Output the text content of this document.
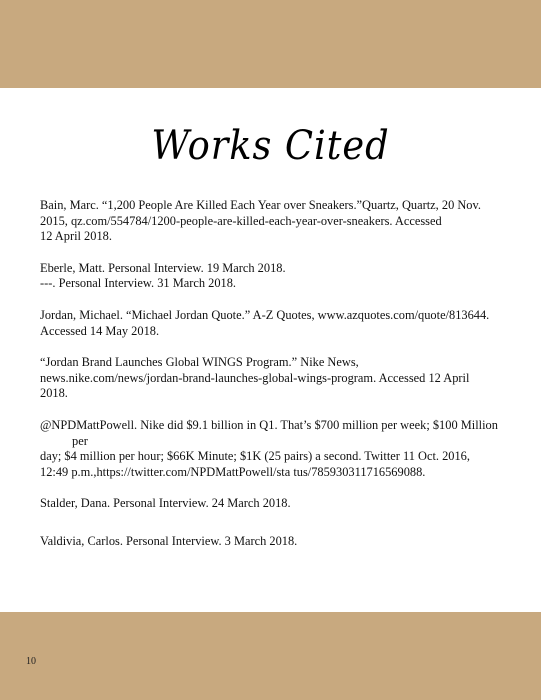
Works Cited
Bain, Marc. “1,200 People Are Killed Each Year over Sneakers.”Quartz, Quartz, 20 Nov.
2015, qz.com/554784/1200-people-are-killed-each-year-over-sneakers. Accessed
12 April 2018.
Eberle, Matt. Personal Interview. 19 March 2018.
---. Personal Interview. 31 March 2018.
Jordan, Michael. “Michael Jordan Quote.” A-Z Quotes, www.azquotes.com/quote/813644.
Accessed 14 May 2018.
“Jordan Brand Launches Global WINGS Program.” Nike News,
news.nike.com/news/jordan-brand-launches-global-wings-program. Accessed 12 April
2018.
@NPDMattPowell. Nike did $9.1 billion in Q1. That’s $700 million per week; $100 Million per
day; $4 million per hour; $66K Minute; $1K (25 pairs) a second. Twitter 11 Oct. 2016,
12:49 p.m.,https://twitter.com/NPDMattPowell/sta tus/785930311716569088.
Stalder, Dana. Personal Interview. 24 March 2018.
Valdivia, Carlos. Personal Interview. 3 March 2018.
10
